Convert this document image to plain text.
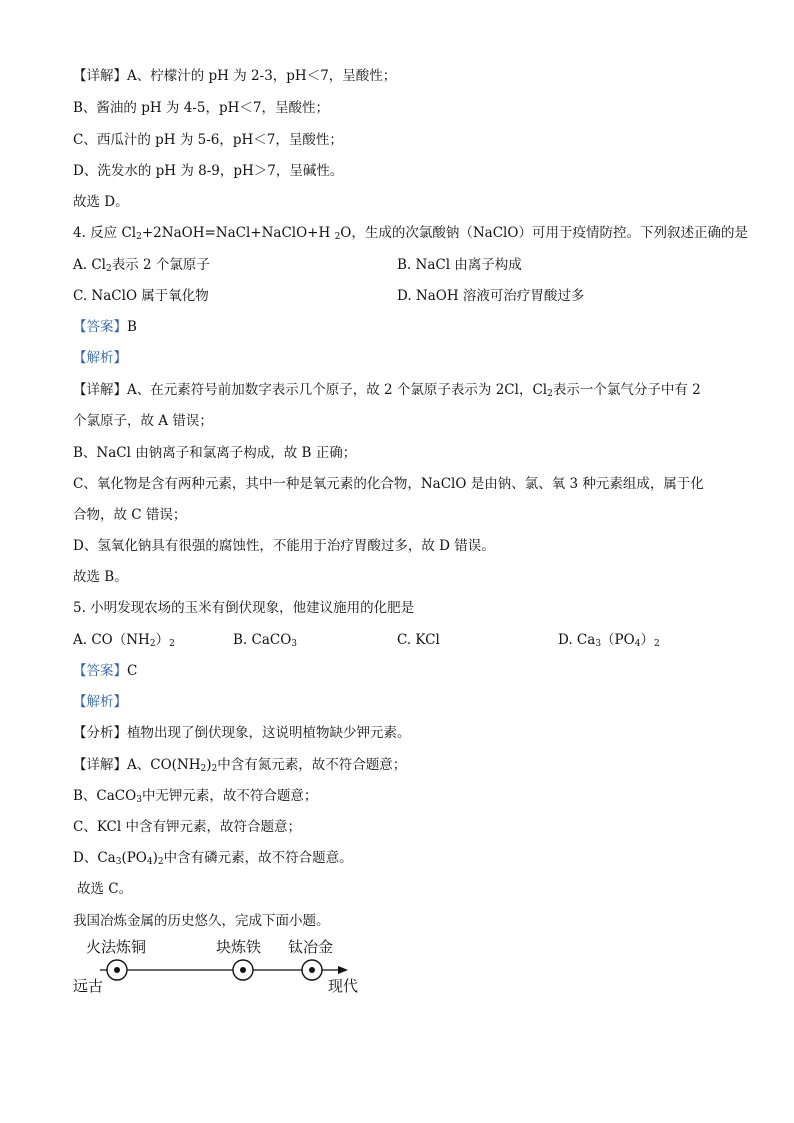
【详解】A、柠檬汁的 pH 为 2-3，pH＜7，呈酸性；
B、酱油的 pH 为 4-5，pH＜7，呈酸性；
C、西瓜汁的 pH 为 5-6，pH＜7，呈酸性；
D、洗发水的 pH 为 8-9，pH＞7，呈碱性。
故选 D。
4. 反应 $Cl_2+2NaOH=NaCl+NaClO+H$ $_2$O，生成的次氯酸钠（NaClO）可用于疫情防控。下列叙述正确的是
A. $Cl_2$表示 2 个氯原子	B. NaCl 由离子构成
C. NaClO 属于氧化物	D. NaOH 溶液可治疗胃酸过多
【答案】B
【解析】
【详解】A、在元素符号前加数字表示几个原子，故 2 个氯原子表示为 2Cl，$Cl_2$表示一个氯气分子中有 2
个氯原子，故 A 错误；
B、NaCl 由钠离子和氯离子构成，故 B 正确；
C、氧化物是含有两种元素，其中一种是氧元素的化合物，NaClO 是由钠、氯、氧 3 种元素组成，属于化
合物，故 C 错误；
D、氢氧化钠具有很强的腐蚀性，不能用于治疗胃酸过多，故 D 错误。
故选 B。
5. 小明发现农场的玉米有倒伏现象，他建议施用的化肥是
A. $CO(NH_2)_2$	B. CaCO$_3$	C. KCl	D. $Ca_3(PO_4)_2$
【答案】C
【解析】
【分析】植物出现了倒伏现象，这说明植物缺少钾元素。
【详解】A、$CO(NH_2)_2$中含有氮元素，故不符合题意；
B、CaCO$_3$中无钾元素，故不符合题意；
C、KCl 中含有钾元素，故符合题意；
D、$Ca_3(PO_4)_2$中含有磷元素，故不符合题意。
故选 C。
我国冶炼金属的历史悠久，完成下面小题。
火法炼铜	块炼铁 钛冶金
远古	现代
